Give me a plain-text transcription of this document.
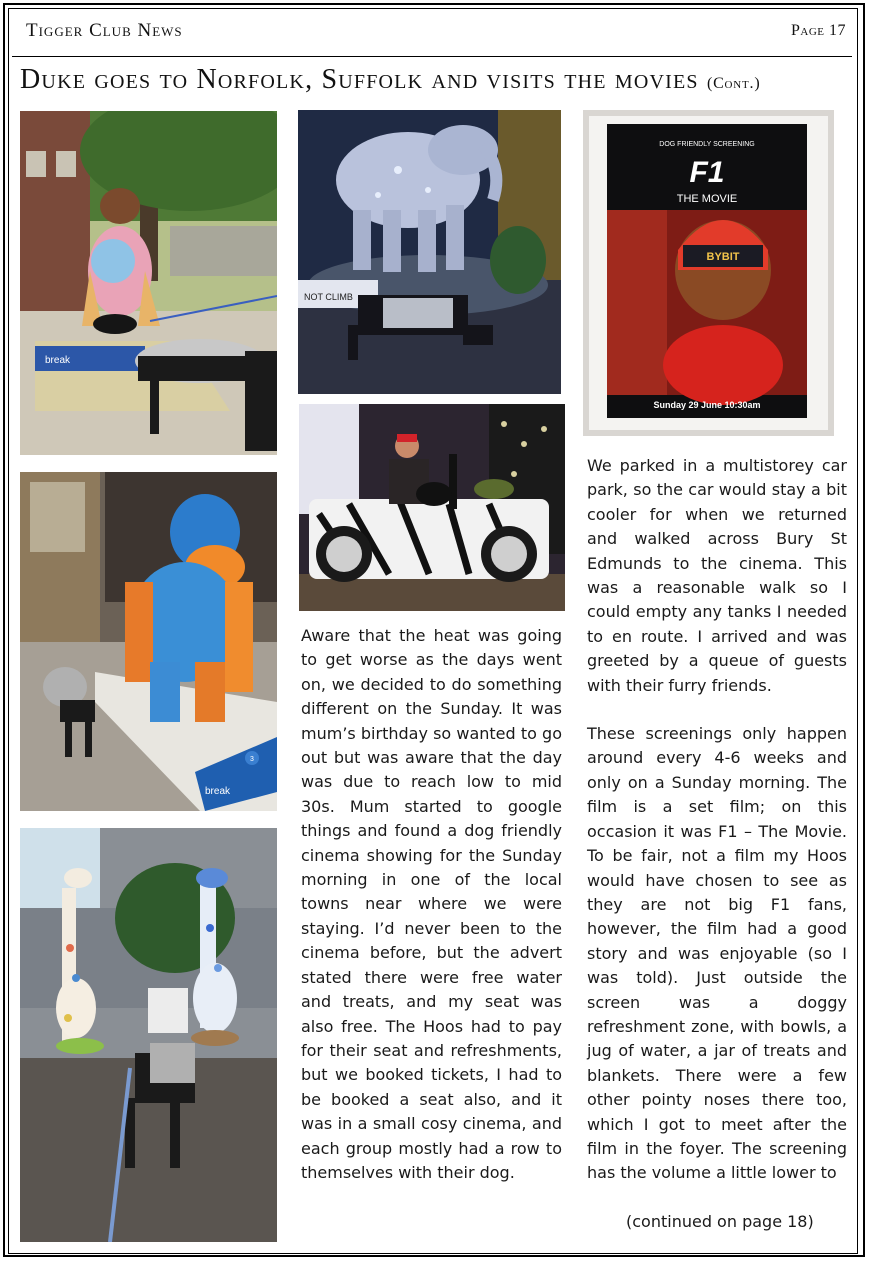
Tigger Club News	Page 17
Duke goes to Norfolk, Suffolk and visits the movies (Cont.)
break
NOT CLIMB
DOG FRIENDLY SCREENING
F1
THE MOVIE
BYBIT
Sunday 29 June 10:30am
break
3

Aware that the heat was going to get worse as the days went on, we decided to do something different on the Sunday. It was mum’s birthday so wanted to go out but was aware that the day was due to reach low to mid 30s. Mum started to google things and found a dog friendly cinema showing for the Sunday morning in one of the local towns near where we were staying. I’d never been to the cinema before, but the advert stated there were free water and treats, and my seat was also free. The Hoos had to pay for their seat and refreshments, but we booked tickets, I had to be booked a seat also, and it was in a small cosy cinema, and each group mostly had a row to themselves with their dog.

We parked in a multistorey car park, so the car would stay a bit cooler for when we returned and walked across Bury St Edmunds to the cinema. This was a reasonable walk so I could empty any tanks I needed to en route. I arrived and was greeted by a queue of guests with their furry friends.

These screenings only happen around every 4-6 weeks and only on a Sunday morning. The film is a set film; on this occasion it was F1 – The Movie. To be fair, not a film my Hoos would have chosen to see as they are not big F1 fans, however, the film had a good story and was enjoyable (so I was told). Just outside the screen was a doggy refreshment zone, with bowls, a jug of water, a jar of treats and blankets. There were a few other pointy noses there too, which I got to meet after the film in the foyer. The screening has the volume a little lower to

(continued on page 18)
